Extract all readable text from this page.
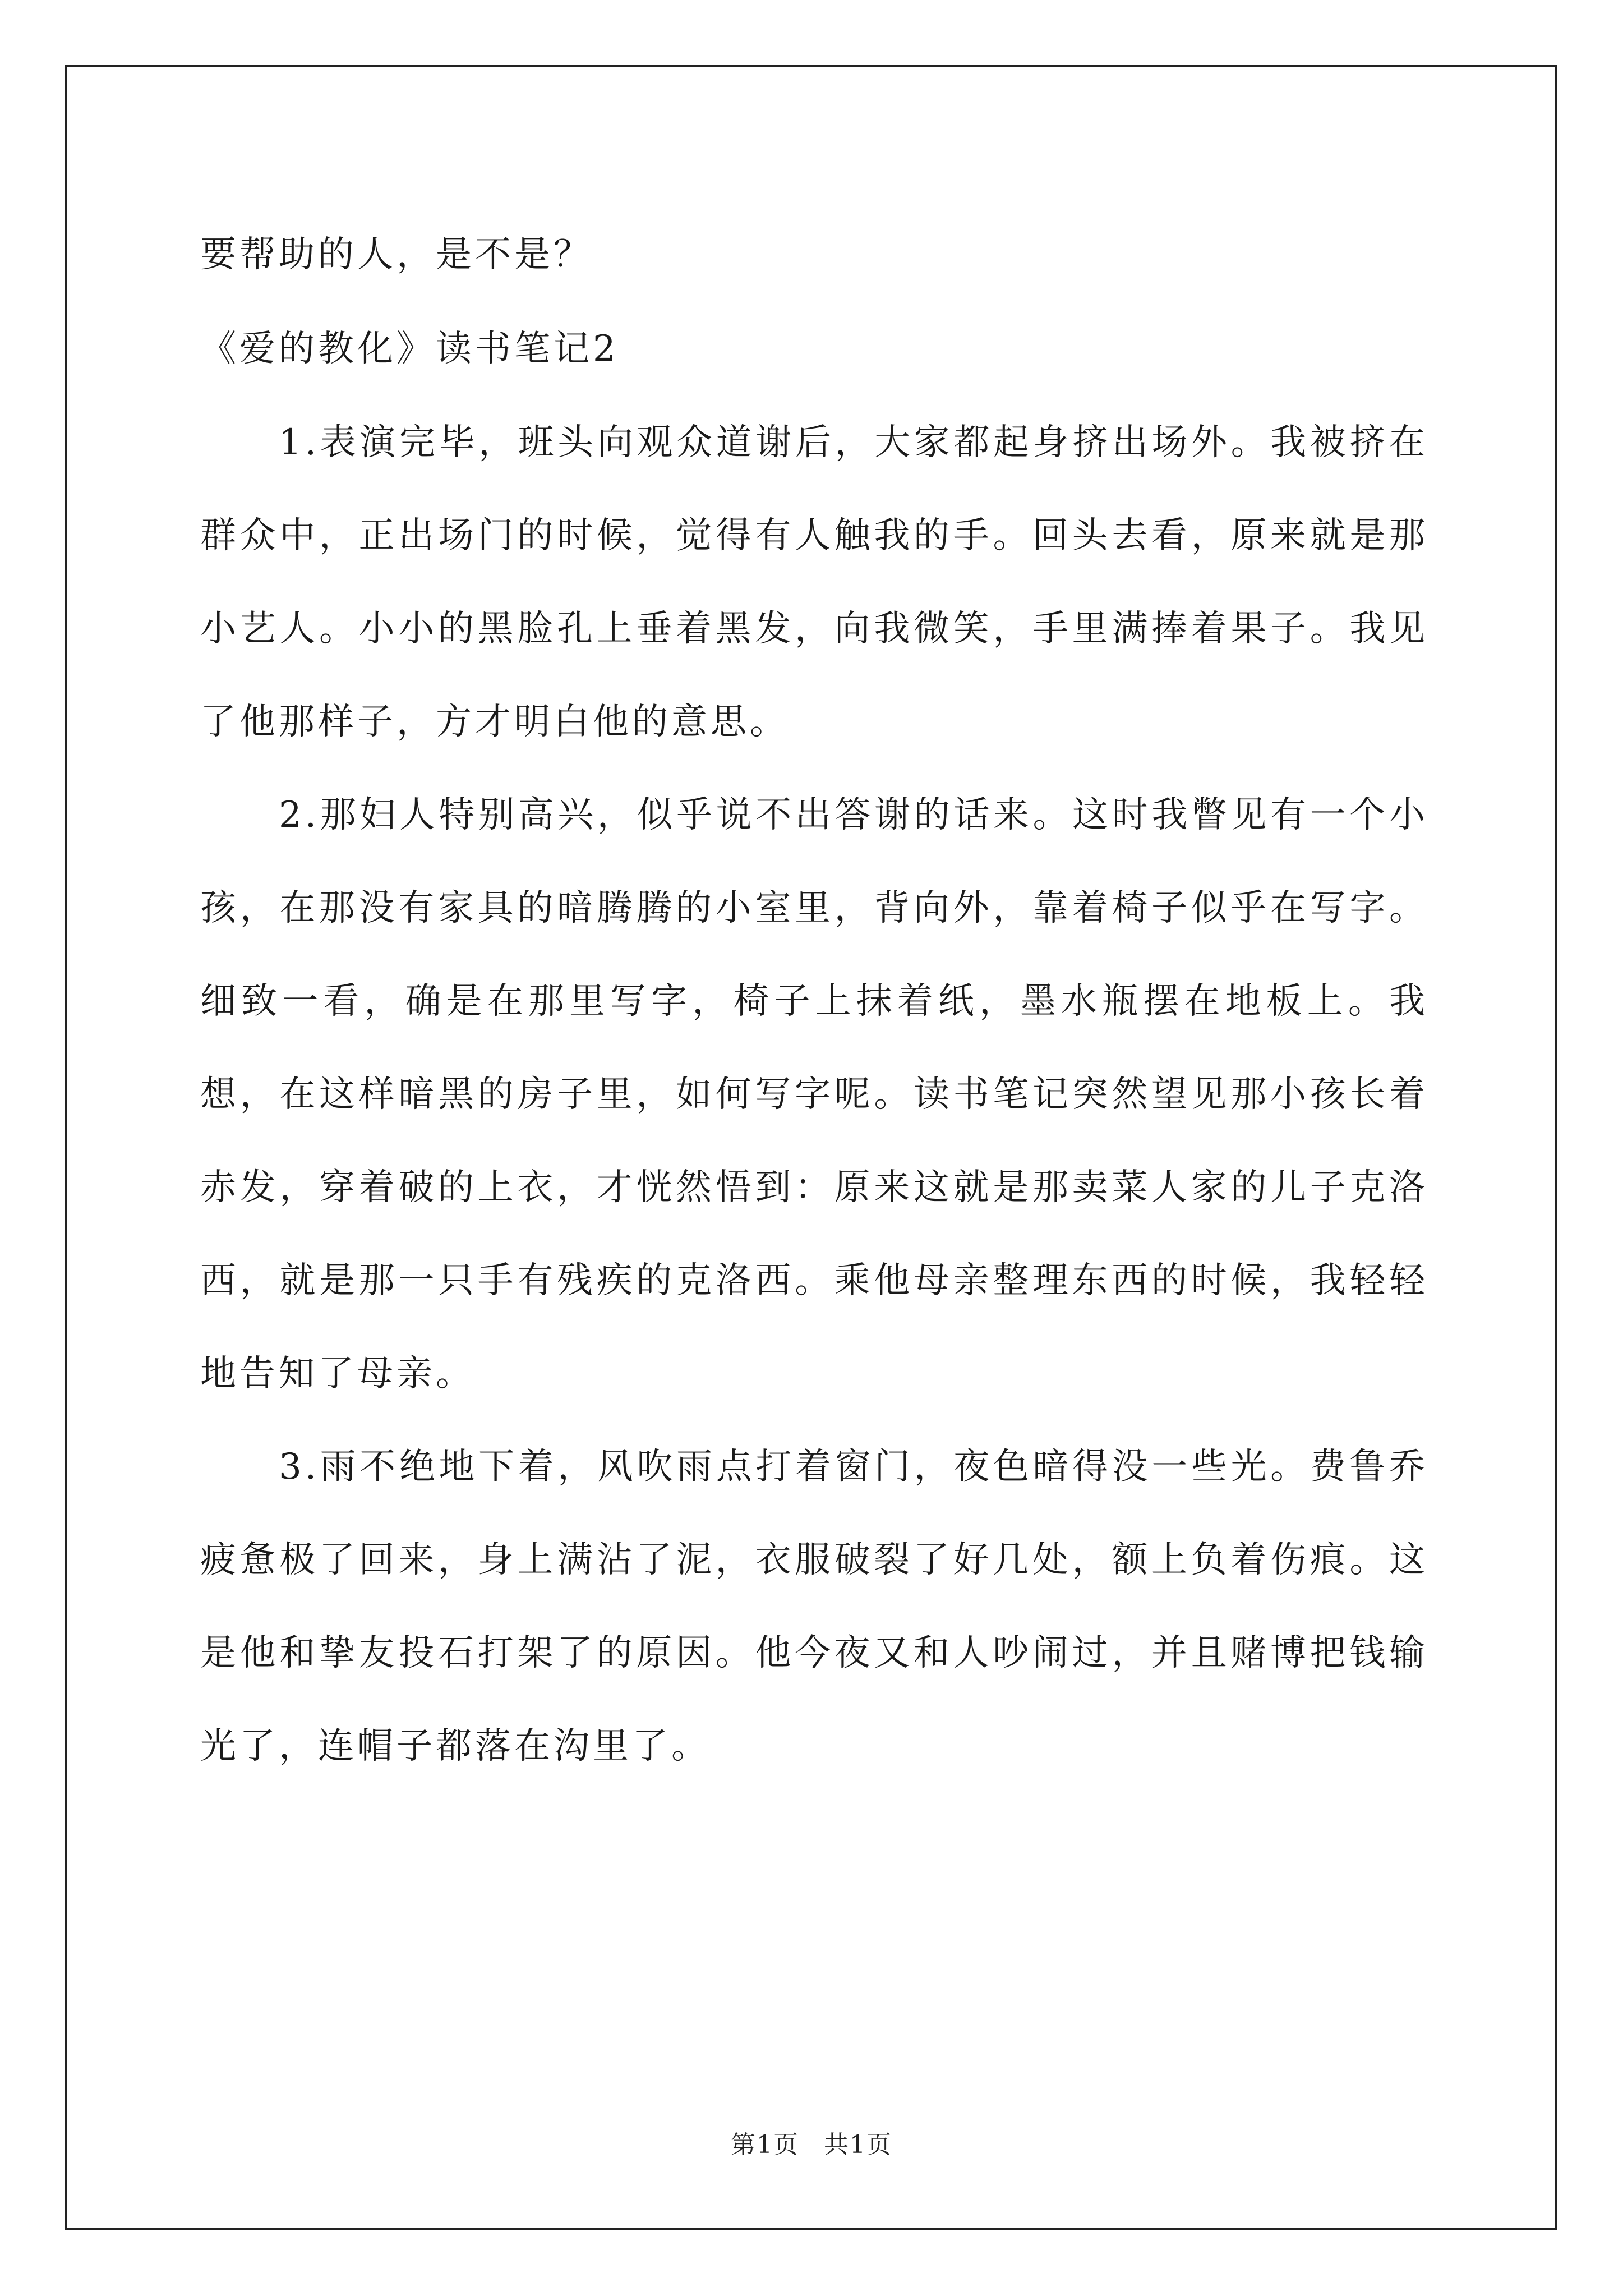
要帮助的人，是不是？
《爱的教化》读书笔记2

1.表演完毕，班头向观众道谢后，大家都起身挤出场外。我被挤在群众中，正出场门的时候，觉得有人触我的手。回头去看，原来就是那小艺人。小小的黑脸孔上垂着黑发，向我微笑，手里满捧着果子。我见了他那样子，方才明白他的意思。

2.那妇人特别高兴，似乎说不出答谢的话来。这时我瞥见有一个小孩，在那没有家具的暗腾腾的小室里，背向外，靠着椅子似乎在写字。细致一看，确是在那里写字，椅子上抹着纸，墨水瓶摆在地板上。我想，在这样暗黑的房子里，如何写字呢。读书笔记突然望见那小孩长着赤发，穿着破的上衣，才恍然悟到：原来这就是那卖菜人家的儿子克洛西，就是那一只手有残疾的克洛西。乘他母亲整理东西的时候，我轻轻地告知了母亲。

3.雨不绝地下着，风吹雨点打着窗门，夜色暗得没一些光。费鲁乔疲惫极了回来，身上满沾了泥，衣服破裂了好几处，额上负着伤痕。这是他和挚友投石打架了的原因。他今夜又和人吵闹过，并且赌博把钱输光了，连帽子都落在沟里了。

第1页 共1页
